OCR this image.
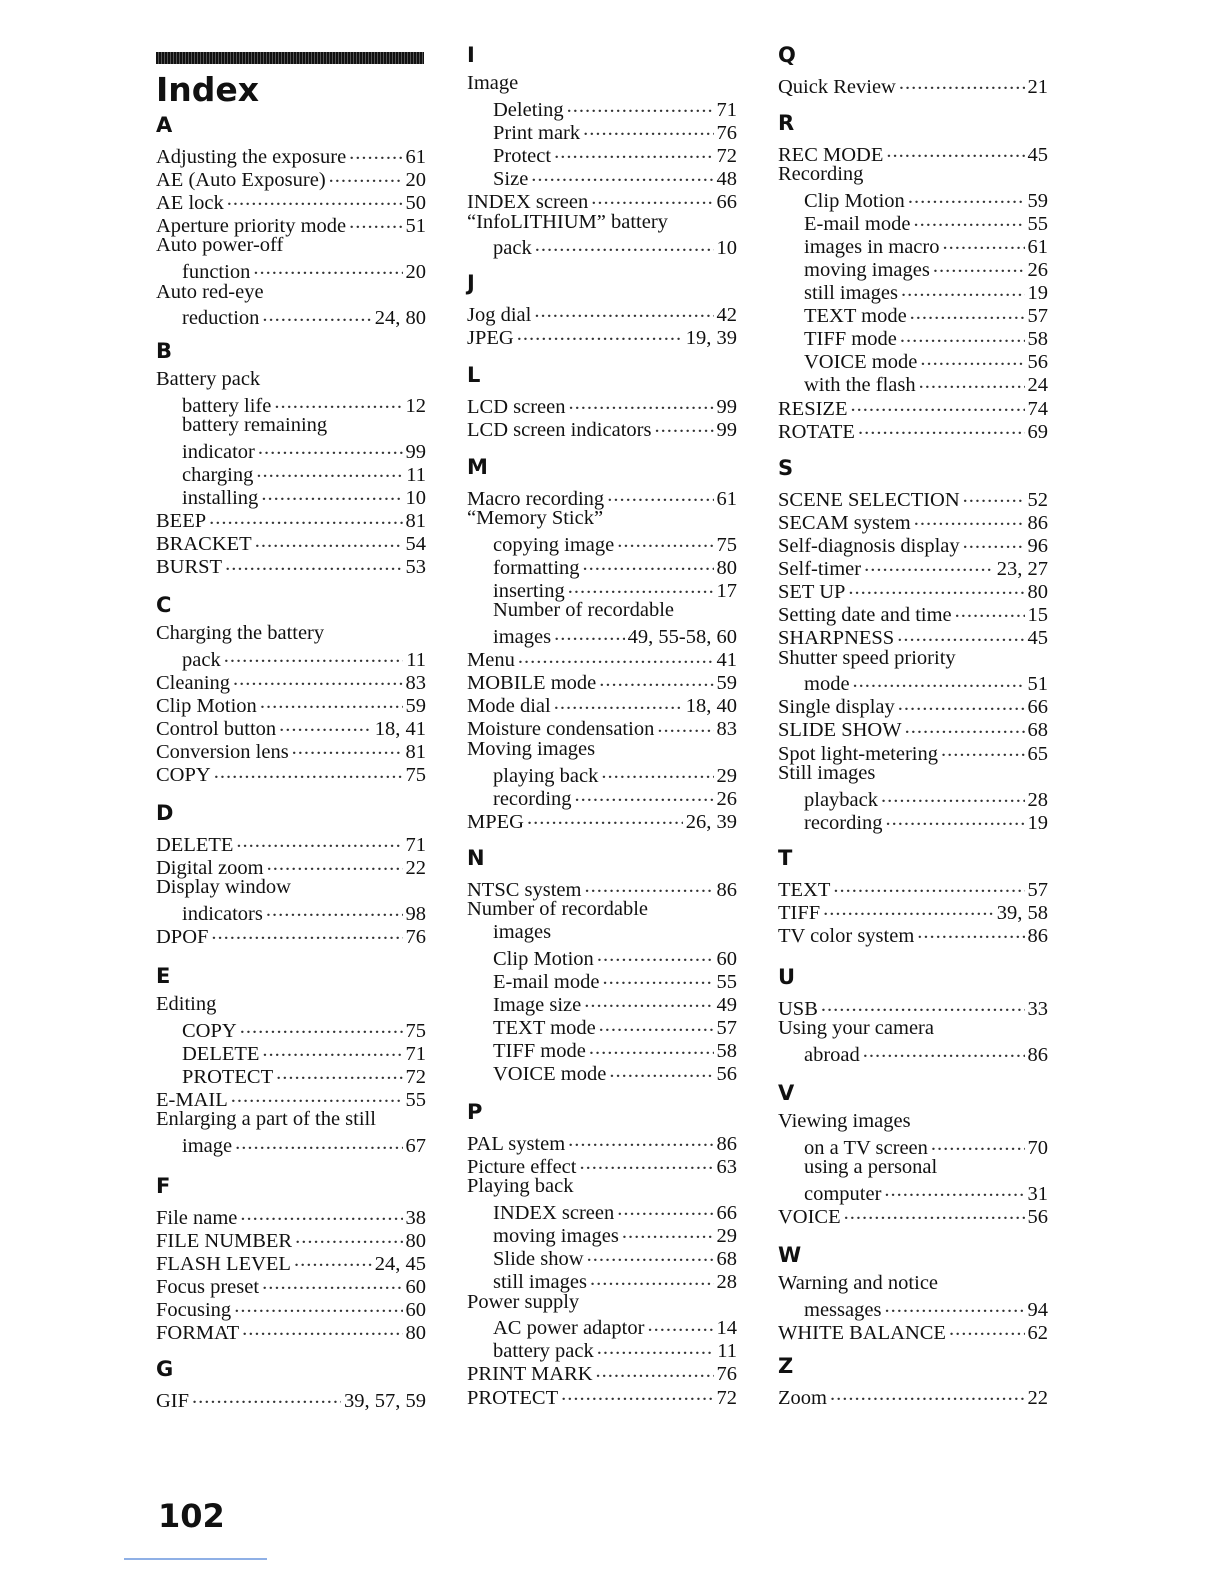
Index
A
Adjusting the exposure .....	61
AE (Auto Exposure) .....	20
AE lock .....	50
Aperture priority mode .....	51
Auto power-off
function .....	20
Auto red-eye
reduction .....	24, 80
B
Battery pack
battery life .....	12
battery remaining
indicator .....	99
charging .....	11
installing .....	10
BEEP .....	81
BRACKET .....	54
BURST .....	53
C
Charging the battery
pack .....	11
Cleaning .....	83
Clip Motion .....	59
Control button .....	18, 41
Conversion lens .....	81
COPY .....	75
D
DELETE .....	71
Digital zoom .....	22
Display window
indicators .....	98
DPOF .....	76
E
Editing
COPY .....	75
DELETE .....	71
PROTECT .....	72
E-MAIL .....	55
Enlarging a part of the still
image .....	67
F
File name .....	38
FILE NUMBER .....	80
FLASH LEVEL .....	24, 45
Focus preset .....	60
Focusing .....	60
FORMAT .....	80
G
GIF .....	39, 57, 59
I
Image
Deleting .....	71
Print mark .....	76
Protect .....	72
Size .....	48
INDEX screen .....	66
“InfoLITHIUM” battery
pack .....	10
J
Jog dial .....	42
JPEG .....	19, 39
L
LCD screen .....	99
LCD screen indicators .....	99
M
Macro recording .....	61
“Memory Stick”
copying image .....	75
formatting .....	80
inserting .....	17
Number of recordable
images .....	49, 55-58, 60
Menu .....	41
MOBILE mode .....	59
Mode dial .....	18, 40
Moisture condensation .....	83
Moving images
playing back .....	29
recording .....	26
MPEG .....	26, 39
N
NTSC system .....	86
Number of recordable
images
Clip Motion .....	60
E-mail mode .....	55
Image size .....	49
TEXT mode .....	57
TIFF mode .....	58
VOICE mode .....	56
P
PAL system .....	86
Picture effect .....	63
Playing back
INDEX screen .....	66
moving images .....	29
Slide show .....	68
still images .....	28
Power supply
AC power adaptor .....	14
battery pack .....	11
PRINT MARK .....	76
PROTECT .....	72
Q
Quick Review .....	21
R
REC MODE .....	45
Recording
Clip Motion .....	59
E-mail mode .....	55
images in macro .....	61
moving images .....	26
still images .....	19
TEXT mode .....	57
TIFF mode .....	58
VOICE mode .....	56
with the flash .....	24
RESIZE .....	74
ROTATE .....	69
S
SCENE SELECTION .....	52
SECAM system .....	86
Self-diagnosis display .....	96
Self-timer .....	23, 27
SET UP .....	80
Setting date and time .....	15
SHARPNESS .....	45
Shutter speed priority
mode .....	51
Single display .....	66
SLIDE SHOW .....	68
Spot light-metering .....	65
Still images
playback .....	28
recording .....	19
T
TEXT .....	57
TIFF .....	39, 58
TV color system .....	86
U
USB .....	33
Using your camera
abroad .....	86
V
Viewing images
on a TV screen .....	70
using a personal
computer .....	31
VOICE .....	56
W
Warning and notice
messages .....	94
WHITE BALANCE .....	62
Z
Zoom .....	22
102
